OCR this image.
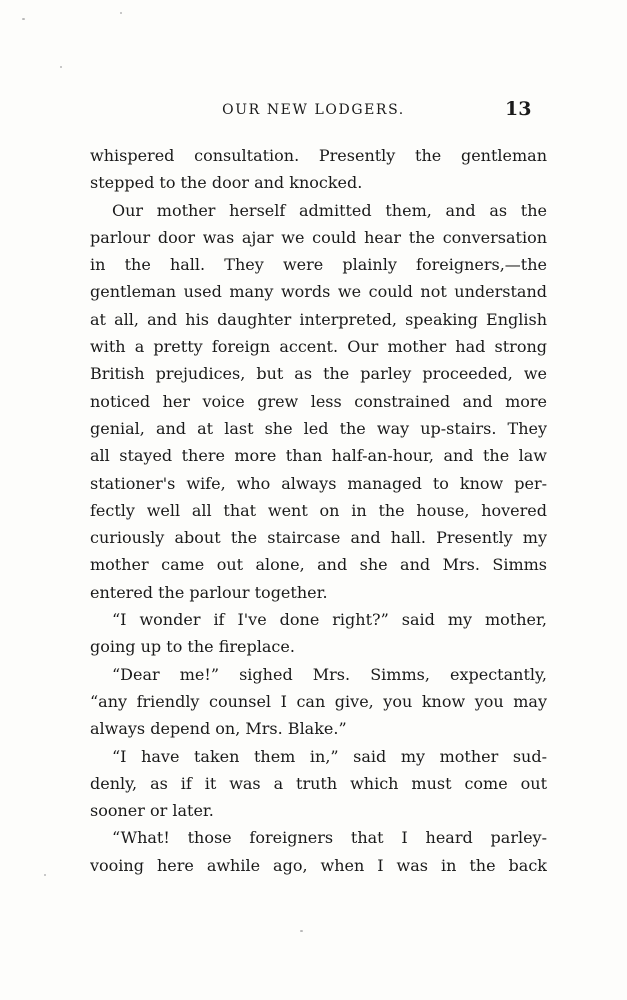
OUR NEW LODGERS.	13
whispered consultation. Presently the gentleman
stepped to the door and knocked.
Our mother herself admitted them, and as the
parlour door was ajar we could hear the conversation
in the hall. They were plainly foreigners,—the
gentleman used many words we could not understand
at all, and his daughter interpreted, speaking English
with a pretty foreign accent. Our mother had strong
British prejudices, but as the parley proceeded, we
noticed her voice grew less constrained and more
genial, and at last she led the way up-stairs. They
all stayed there more than half-an-hour, and the law
stationer's wife, who always managed to know per-
fectly well all that went on in the house, hovered
curiously about the staircase and hall. Presently my
mother came out alone, and she and Mrs. Simms
entered the parlour together.
“I wonder if I've done right?” said my mother,
going up to the fireplace.
“Dear me!” sighed Mrs. Simms, expectantly,
“any friendly counsel I can give, you know you may
always depend on, Mrs. Blake.”
“I have taken them in,” said my mother sud-
denly, as if it was a truth which must come out
sooner or later.
“What! those foreigners that I heard parley-
vooing here awhile ago, when I was in the back
